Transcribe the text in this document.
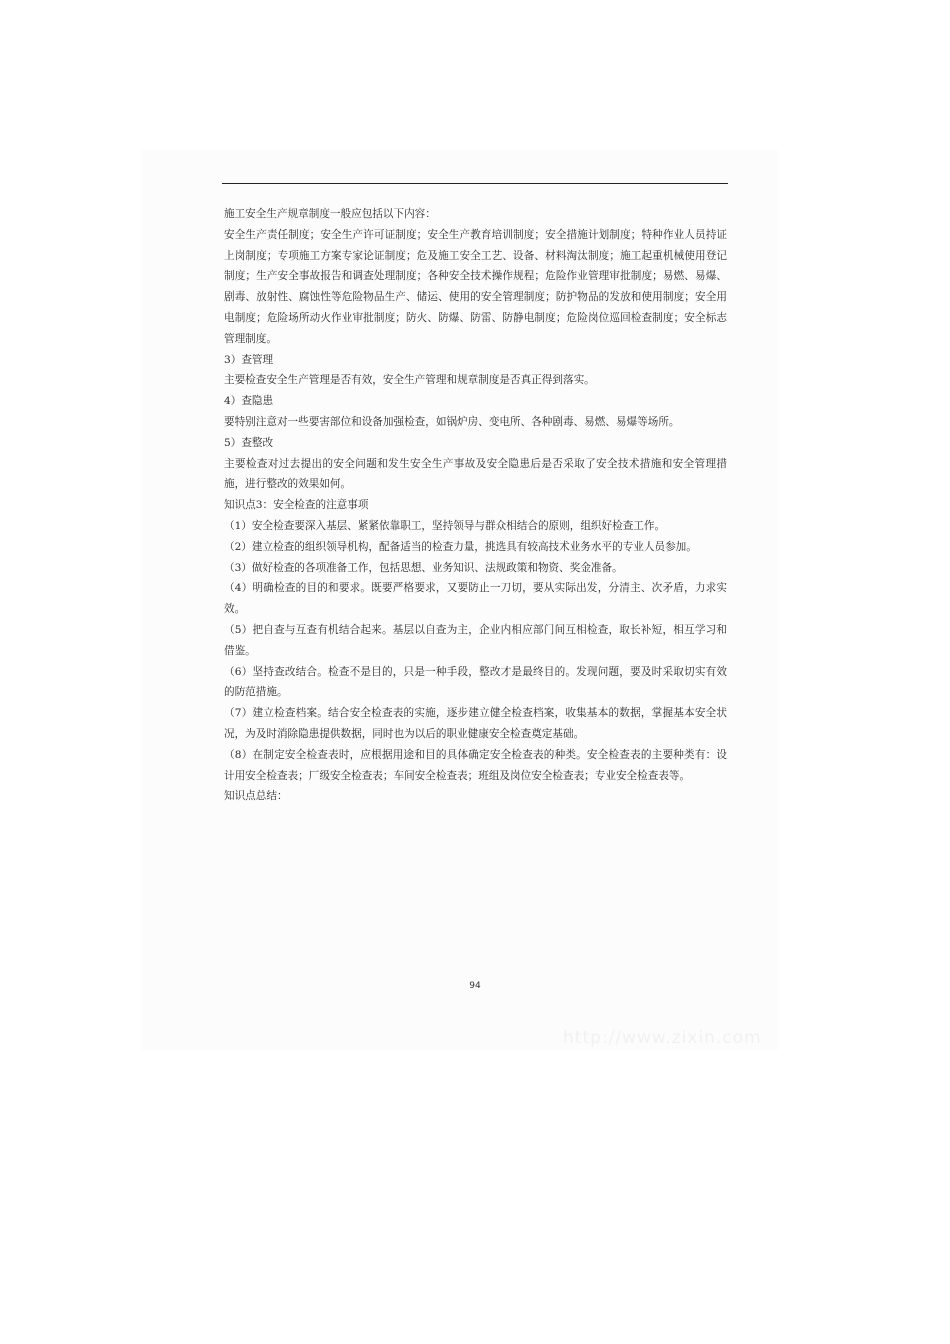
施工安全生产规章制度一般应包括以下内容：

安全生产责任制度；安全生产许可证制度；安全生产教育培训制度；安全措施计划制度；特种作业人员持证上岗制度；专项施工方案专家论证制度；危及施工安全工艺、设备、材料淘汰制度；施工起重机械使用登记制度；生产安全事故报告和调查处理制度；各种安全技术操作规程；危险作业管理审批制度；易燃、易爆、剧毒、放射性、腐蚀性等危险物品生产、储运、使用的安全管理制度；防护物品的发放和使用制度；安全用电制度；危险场所动火作业审批制度；防火、防爆、防雷、防静电制度；危险岗位巡回检查制度；安全标志管理制度。

3）查管理

主要检查安全生产管理是否有效，安全生产管理和规章制度是否真正得到落实。

4）查隐患

要特别注意对一些要害部位和设备加强检查，如锅炉房、变电所、各种剧毒、易燃、易爆等场所。

5）查整改

主要检查对过去提出的安全问题和发生安全生产事故及安全隐患后是否采取了安全技术措施和安全管理措施，进行整改的效果如何。

知识点3：安全检查的注意事项

（1）安全检查要深入基层、紧紧依靠职工，坚持领导与群众相结合的原则，组织好检查工作。

（2）建立检查的组织领导机构，配备适当的检查力量，挑选具有较高技术业务水平的专业人员参加。

（3）做好检查的各项准备工作，包括思想、业务知识、法规政策和物资、奖金准备。

（4）明确检查的目的和要求。既要严格要求，又要防止一刀切，要从实际出发，分清主、次矛盾，力求实效。

（5）把自查与互查有机结合起来。基层以自查为主，企业内相应部门间互相检查，取长补短，相互学习和借鉴。

（6）坚持查改结合。检查不是目的，只是一种手段，整改才是最终目的。发现问题，要及时采取切实有效的防范措施。

（7）建立检查档案。结合安全检查表的实施，逐步建立健全检查档案，收集基本的数据，掌握基本安全状况，为及时消除隐患提供数据，同时也为以后的职业健康安全检查奠定基础。

（8）在制定安全检查表时，应根据用途和目的具体确定安全检查表的种类。安全检查表的主要种类有：设计用安全检查表；厂级安全检查表；车间安全检查表；班组及岗位安全检查表；专业安全检查表等。

知识点总结：

94
http://www.zixin.com
